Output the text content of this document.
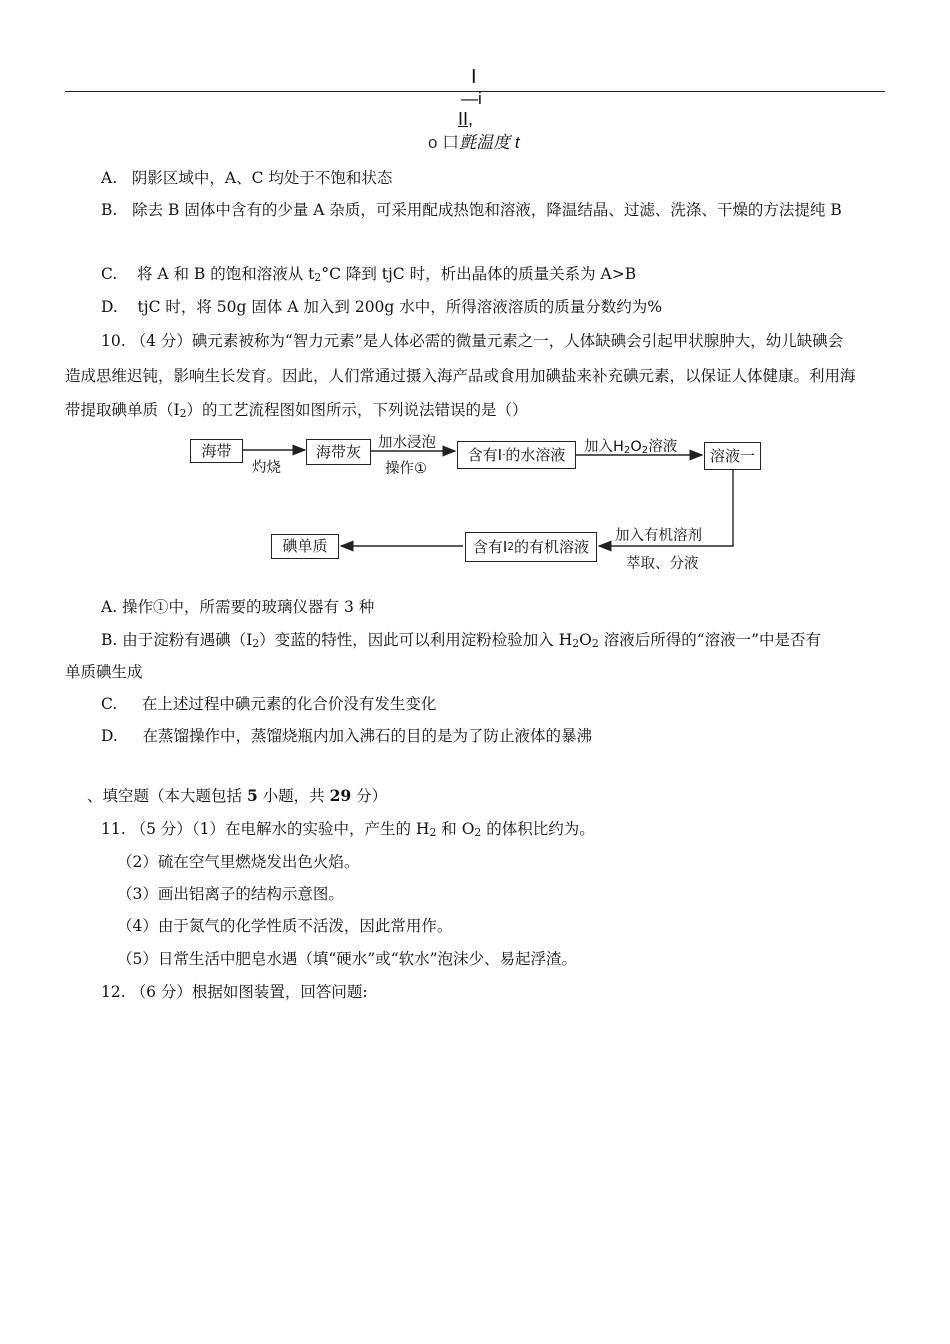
I
—i
II,
o 口氈温度 t
A. 阴影区域中，A、C 均处于不饱和状态
B. 除去 B 固体中含有的少量 A 杂质，可采用配成热饱和溶液，降温结晶、过滤、洗涤、干燥的方法提纯 B
C. 将 A 和 B 的饱和溶液从 $t_2^\circ C$ 降到 tjC 时，析出晶体的质量关系为 A>B
D. tjC 时，将 50g 固体 A 加入到 200g 水中，所得溶液溶质的质量分数约为%
10. （4 分）碘元素被称为“智力元素”是人体必需的微量元素之一，人体缺碘会引起甲状腺肿大，幼儿缺碘会
造成思维迟钝，影响生长发育。因此，人们常通过摄入海产品或食用加碘盐来补充碘元素，以保证人体健康。利用海
带提取碘单质$(I_2)$的工艺流程图如图所示，下列说法错误的是（）
海带
灼烧
海带灰	加水浸泡
操作①
含有I - 的水溶液 加入$H_2O_2$溶液	溶液一
加入有机溶剂
萃取、分液
含有I 2 的有机溶液
碘单质
A. 操作①中，所需要的玻璃仪器有 3 种
B. 由于淀粉有遇碘$(I_2)$变蓝的特性，因此可以利用淀粉检验加入 $H_2O_2$ 溶液后所得的“溶液一”中是否有
单质碘生成
C. 在上述过程中碘元素的化合价没有发生变化
D. 在蒸馏操作中，蒸馏烧瓶内加入沸石的目的是为了防止液体的暴沸
、填空题（本大题包括 5 小题，共 29 分）
11. （5 分）（1）在电解水的实验中，产生的 $H_2$ 和 $O_2$ 的体积比约为。
（2）硫在空气里燃烧发出色火焰。
（3）画出铝离子的结构示意图。
（4）由于氮气的化学性质不活泼，因此常用作。
（5）日常生活中肥皂水遇（填“硬水”或“软水”泡沫少、易起浮渣。
12. （6 分）根据如图装置，回答问题:
